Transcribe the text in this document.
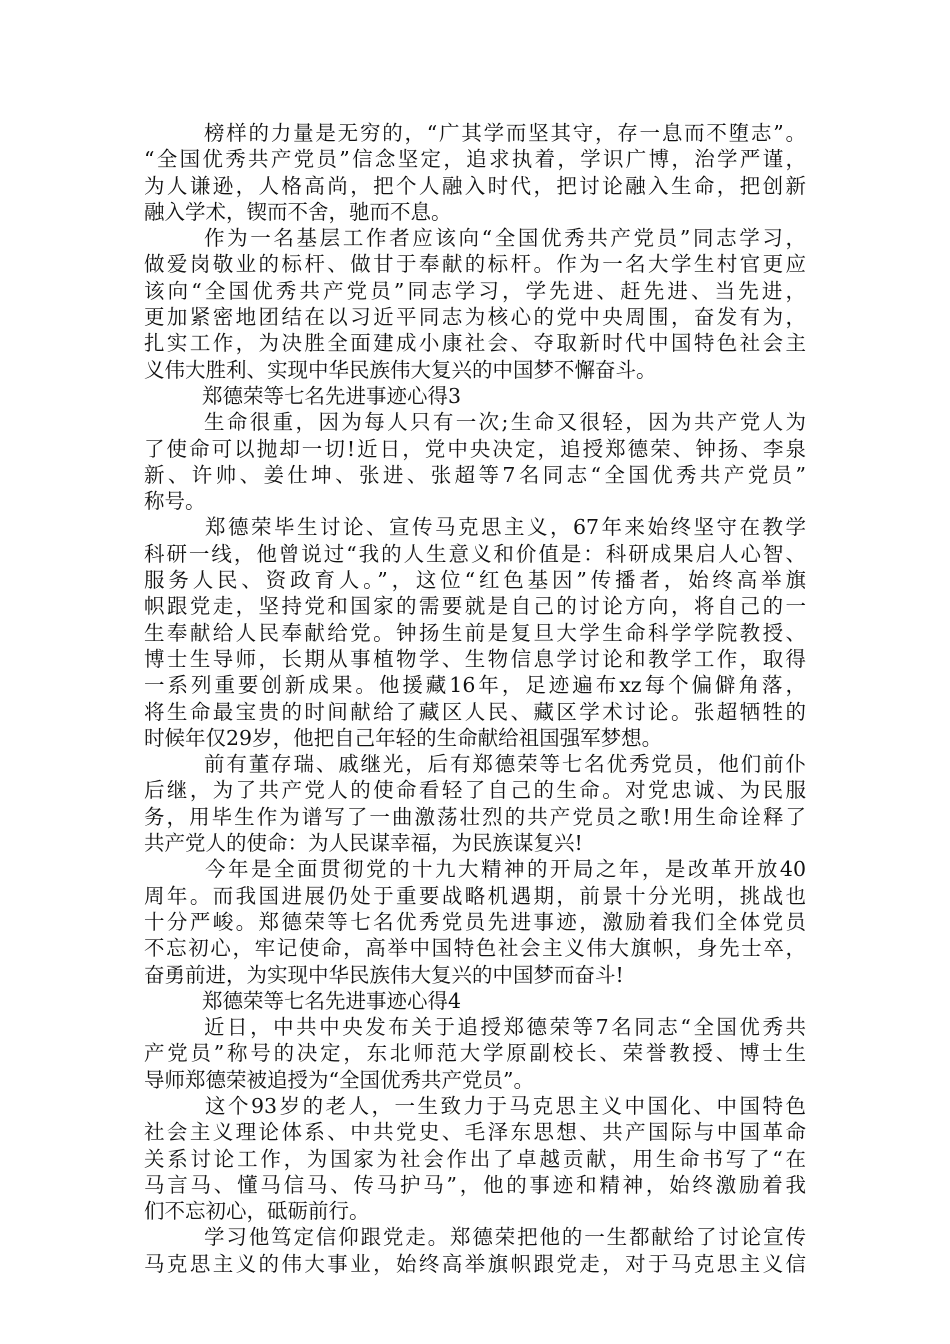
榜样的力量是无穷的，“广其学而坚其守，存一息而不堕志”。
“全国优秀共产党员”信念坚定，追求执着，学识广博，治学严谨，
为人谦逊，人格高尚，把个人融入时代，把讨论融入生命，把创新
融入学术，锲而不舍，驰而不息。
作为一名基层工作者应该向“全国优秀共产党员”同志学习，
做爱岗敬业的标杆、做甘于奉献的标杆。作为一名大学生村官更应
该向“全国优秀共产党员”同志学习，学先进、赶先进、当先进，
更加紧密地团结在以习近平同志为核心的党中央周围，奋发有为，
扎实工作，为决胜全面建成小康社会、夺取新时代中国特色社会主
义伟大胜利、实现中华民族伟大复兴的中国梦不懈奋斗。
郑德荣等七名先进事迹心得3
生命很重，因为每人只有一次;生命又很轻，因为共产党人为
了使命可以抛却一切!近日，党中央决定，追授郑德荣、钟扬、李泉
新、许帅、姜仕坤、张进、张超等7名同志“全国优秀共产党员”
称号。
郑德荣毕生讨论、宣传马克思主义，67年来始终坚守在教学
科研一线，他曾说过“我的人生意义和价值是：科研成果启人心智、
服务人民、资政育人。”，这位“红色基因”传播者，始终高举旗
帜跟党走，坚持党和国家的需要就是自己的讨论方向，将自己的一
生奉献给人民奉献给党。钟扬生前是复旦大学生命科学学院教授、
博士生导师，长期从事植物学、生物信息学讨论和教学工作，取得
一系列重要创新成果。他援藏16年，足迹遍布xz每个偏僻角落，
将生命最宝贵的时间献给了藏区人民、藏区学术讨论。张超牺牲的
时候年仅29岁，他把自己年轻的生命献给祖国强军梦想。
前有董存瑞、戚继光，后有郑德荣等七名优秀党员，他们前仆
后继，为了共产党人的使命看轻了自己的生命。对党忠诚、为民服
务，用毕生作为谱写了一曲激荡壮烈的共产党员之歌!用生命诠释了
共产党人的使命：为人民谋幸福，为民族谋复兴!
今年是全面贯彻党的十九大精神的开局之年，是改革开放40
周年。而我国进展仍处于重要战略机遇期，前景十分光明，挑战也
十分严峻。郑德荣等七名优秀党员先进事迹，激励着我们全体党员
不忘初心，牢记使命，高举中国特色社会主义伟大旗帜，身先士卒，
奋勇前进，为实现中华民族伟大复兴的中国梦而奋斗!
郑德荣等七名先进事迹心得4
近日，中共中央发布关于追授郑德荣等7名同志“全国优秀共
产党员”称号的决定，东北师范大学原副校长、荣誉教授、博士生
导师郑德荣被追授为“全国优秀共产党员”。
这个93岁的老人，一生致力于马克思主义中国化、中国特色
社会主义理论体系、中共党史、毛泽东思想、共产国际与中国革命
关系讨论工作，为国家为社会作出了卓越贡献，用生命书写了“在
马言马、懂马信马、传马护马”，他的事迹和精神，始终激励着我
们不忘初心，砥砺前行。
学习他笃定信仰跟党走。郑德荣把他的一生都献给了讨论宣传
马克思主义的伟大事业，始终高举旗帜跟党走，对于马克思主义信
